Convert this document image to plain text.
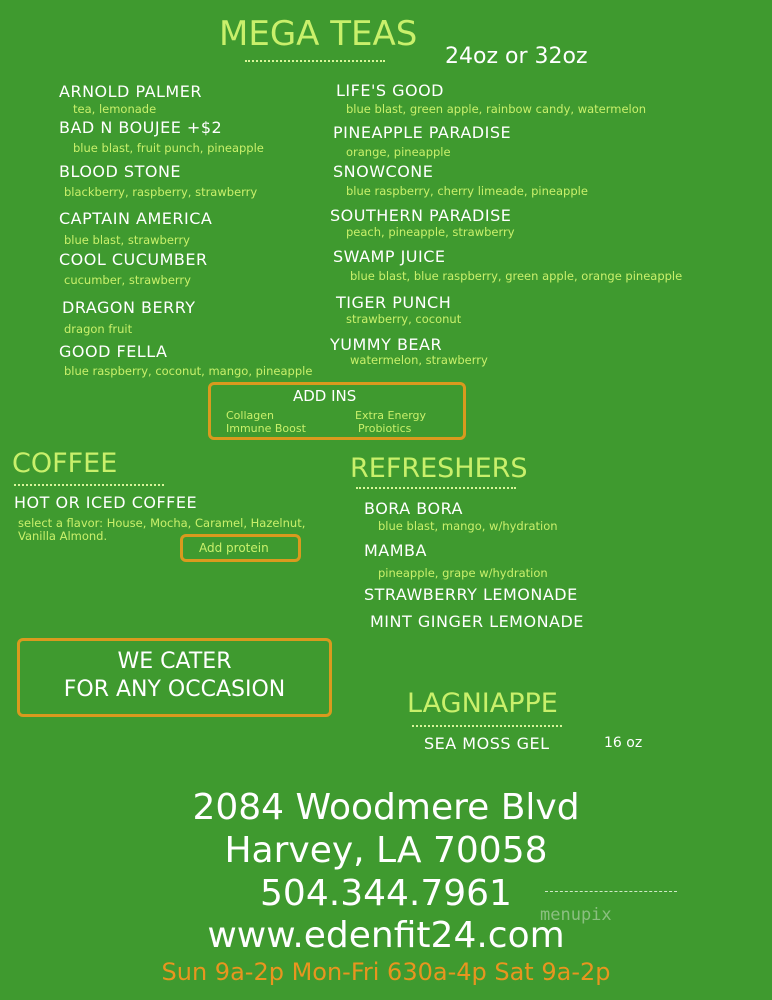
MEGA TEAS
24oz or 32oz
ARNOLD PALMER
tea, lemonade
BAD N BOUJEE +$2
blue blast, fruit punch, pineapple
BLOOD STONE
blackberry, raspberry, strawberry
CAPTAIN AMERICA
blue blast, strawberry
COOL CUCUMBER
cucumber, strawberry
DRAGON BERRY
dragon fruit
GOOD FELLA
blue raspberry, coconut, mango, pineapple
LIFE'S GOOD
blue blast, green apple, rainbow candy, watermelon
PINEAPPLE PARADISE
orange, pineapple
SNOWCONE
blue raspberry, cherry limeade, pineapple
SOUTHERN PARADISE
peach, pineapple, strawberry
SWAMP JUICE
blue blast, blue raspberry, green apple, orange pineapple
TIGER PUNCH
strawberry, coconut
YUMMY BEAR
watermelon, strawberry
ADD INS
Collagen	Extra Energy
Immune Boost	Probiotics
COFFEE
HOT OR ICED COFFEE
select a flavor: House, Mocha, Caramel, Hazelnut,
Vanilla Almond.
Add protein
REFRESHERS
BORA BORA
blue blast, mango, w/hydration
MAMBA
pineapple, grape w/hydration
STRAWBERRY LEMONADE
MINT GINGER LEMONADE
WE CATER
FOR ANY OCCASION	LAGNIAPPE
SEA MOSS GEL	16 oz
2084 Woodmere Blvd
Harvey, LA 70058
504.344.7961
www.edenfit24.com
Sun 9a-2p Mon-Fri 630a-4p Sat 9a-2p
menupix
